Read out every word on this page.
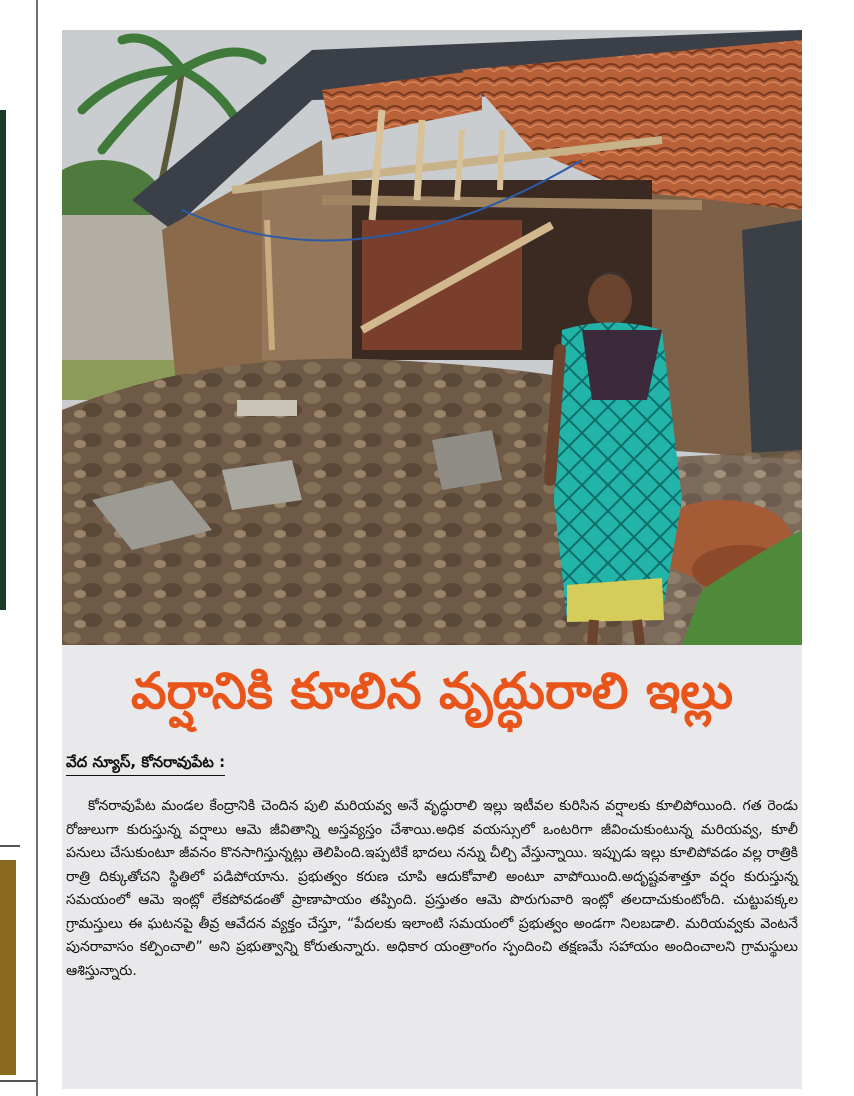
వర్షానికి కూలిన వృద్ధురాలి ఇల్లు
వేద న్యూస్, కోనరావుపేట :

కోనరావుపేట మండల కేంద్రానికి చెందిన పులి మరియవ్వ అనే వృద్ధురాలి ఇల్లు ఇటీవల కురిసిన వర్షాలకు కూలిపోయింది. గత రెండు రోజులుగా కురుస్తున్న వర్షాలు ఆమె జీవితాన్ని అస్తవ్యస్తం చేశాయి.అధిక వయస్సులో ఒంటరిగా జీవించుకుంటున్న మరియవ్వ, కూలీ పనులు చేసుకుంటూ జీవనం కొనసాగిస్తున్నట్లు తెలిపింది.ఇప్పటికే భాదలు నన్ను చీల్చి వేస్తున్నాయి. ఇప్పుడు ఇల్లు కూలిపోవడం వల్ల రాత్రికి రాత్రి దిక్కుతోచని స్థితిలో పడిపోయాను. ప్రభుత్వం కరుణ చూపి ఆదుకోవాలి అంటూ వాపోయింది.అదృష్టవశాత్తూ వర్షం కురుస్తున్న సమయంలో ఆమె ఇంట్లో లేకపోవడంతో ప్రాణాపాయం తప్పింది. ప్రస్తుతం ఆమె పొరుగువారి ఇంట్లో తలదాచుకుంటోంది. చుట్టుపక్కల గ్రామస్తులు ఈ ఘటనపై తీవ్ర ఆవేదన వ్యక్తం చేస్తూ, “పేదలకు ఇలాంటి సమయంలో ప్రభుత్వం అండగా నిలబడాలి. మరియవ్వకు వెంటనే పునరావాసం కల్పించాలి” అని ప్రభుత్వాన్ని కోరుతున్నారు. అధికార యంత్రాంగం స్పందించి తక్షణమే సహాయం అందించాలని గ్రామస్థులు ఆశిస్తున్నారు.
